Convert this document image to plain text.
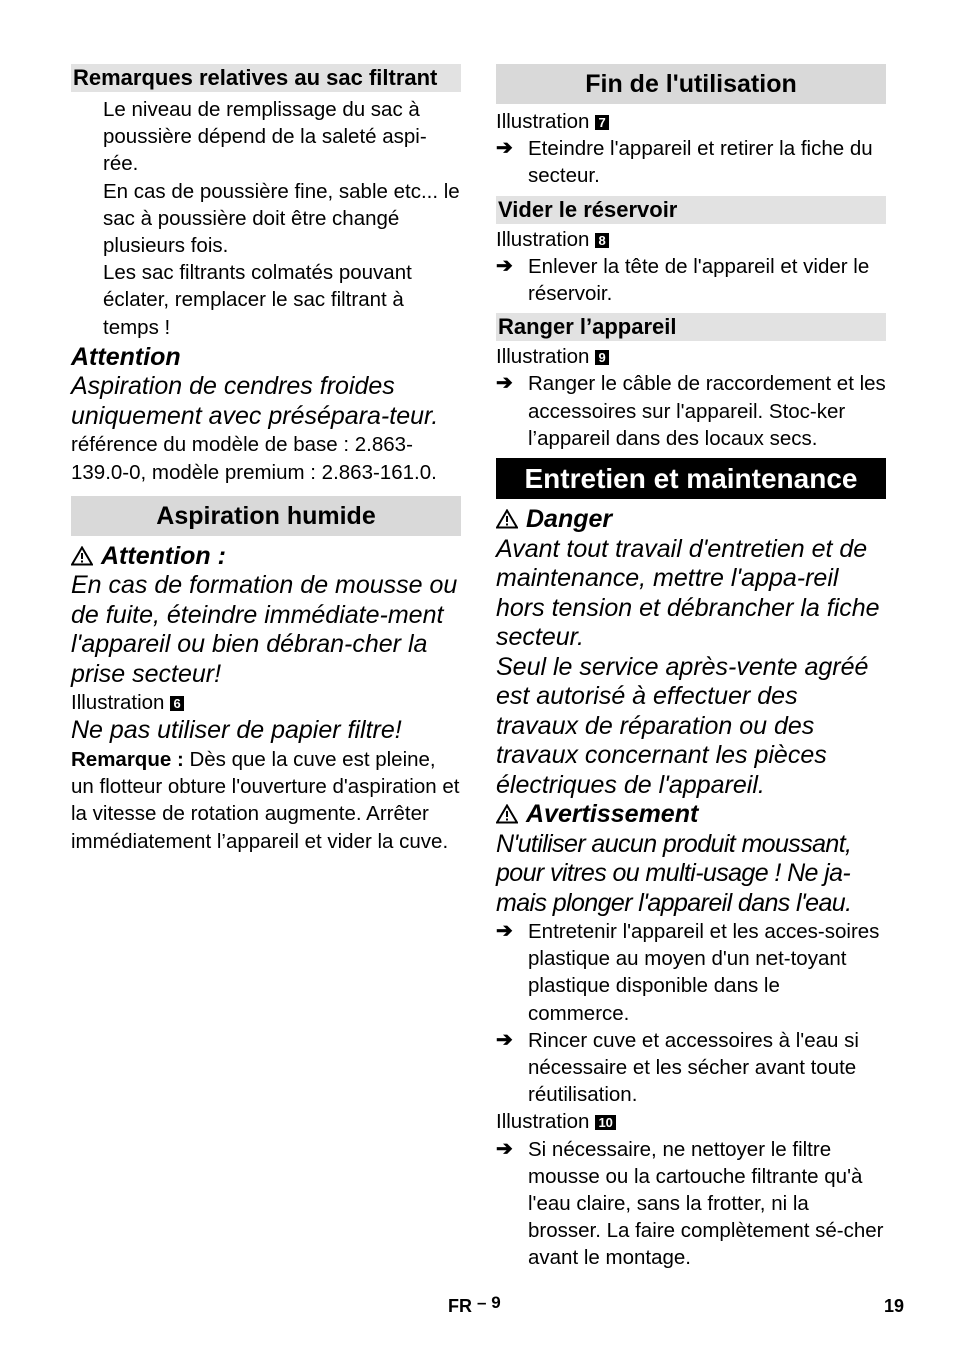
Remarques relatives au sac filtrant
Le niveau de remplissage du sac à poussière dépend de la saleté aspi-rée.
En cas de poussière fine, sable etc... le sac à poussière doit être changé plusieurs fois.
Les sac filtrants colmatés pouvant éclater, remplacer le sac filtrant à temps !

Attention

Aspiration de cendres froides uniquement avec présépara-teur.

référence du modèle de base : 2.863-139.0-0, modèle premium : 2.863-161.0.

Aspiration humide

Attention :

En cas de formation de mousse ou de fuite, éteindre immédiate-ment l'appareil ou bien débran-cher la prise secteur!

Illustration 6

Ne pas utiliser de papier filtre!

Remarque : Dès que la cuve est pleine, un flotteur obture l'ouverture d'aspiration et la vitesse de rotation augmente. Arrêter immédiatement l’appareil et vider la cuve.

Fin de l'utilisation

Illustration 7

➔ Eteindre l'appareil et retirer la fiche du secteur.
Vider le réservoir

Illustration 8

➔ Enlever la tête de l'appareil et vider le réservoir.
Ranger l’appareil

Illustration 9

➔ Ranger le câble de raccordement et les accessoires sur l'appareil. Stoc-ker l’appareil dans des locaux secs.
Entretien et maintenance

Danger

Avant tout travail d'entretien et de maintenance, mettre l'appa-reil hors tension et débrancher la fiche secteur.

Seul le service après-vente agréé est autorisé à effectuer des travaux de réparation ou des travaux concernant les pièces électriques de l'appareil.

Avertissement

N'utiliser aucun produit moussant, pour vitres ou multi-usage ! Ne ja-mais plonger l'appareil dans l'eau.

➔ Entretenir l'appareil et les acces-soires plastique au moyen d'un net-toyant plastique disponible dans le commerce.
➔ Rincer cuve et accessoires à l'eau si nécessaire et les sécher avant toute réutilisation.

Illustration 10

➔ Si nécessaire, ne nettoyer le filtre mousse ou la cartouche filtrante qu'à l'eau claire, sans la frotter, ni la brosser. La faire complètement sé-cher avant le montage.
FR – 9	19
